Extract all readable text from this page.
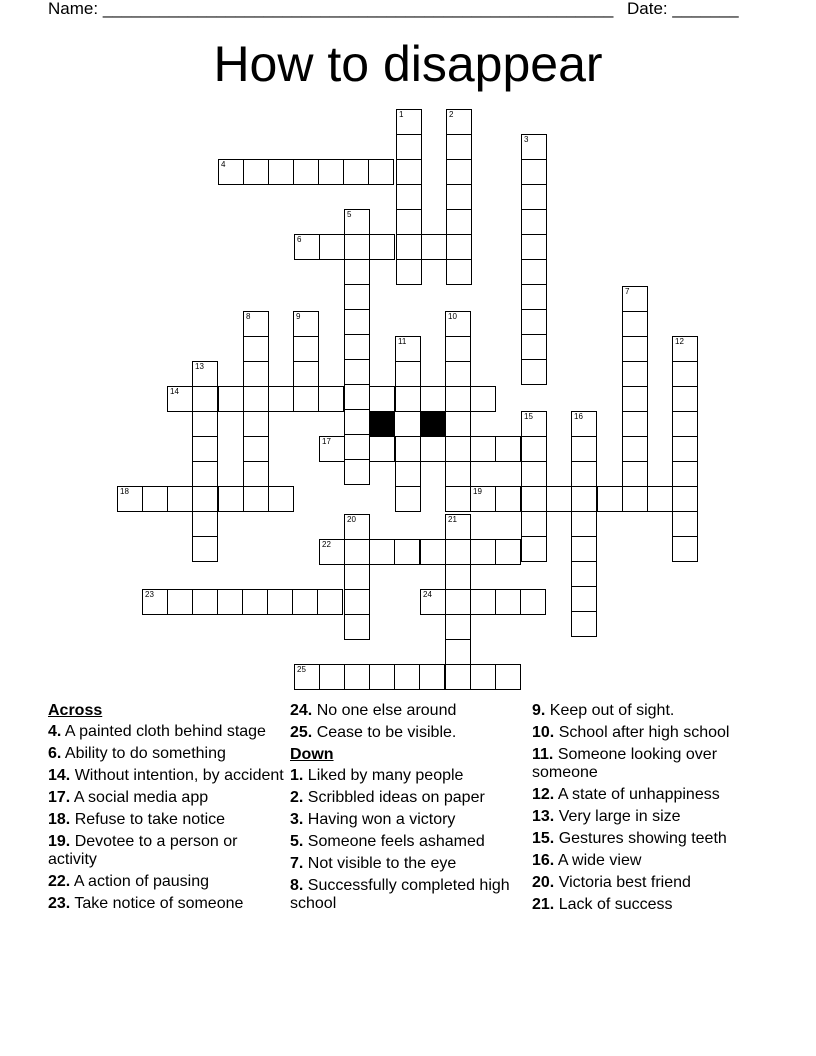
Name: ______________________________________________________ Date: _______
How to disappear
1	2
3
4
5
6
7
8	9	10
11	12
13
14
15	16
17
18	19
20	21
22
23	24
25
Across
4. A painted cloth behind stage
6. Ability to do something
14. Without intention, by accident
17. A social media app
18. Refuse to take notice
19. Devotee to a person or activity
22. A action of pausing
23. Take notice of someone
24. No one else around
25. Cease to be visible.
Down
1. Liked by many people
2. Scribbled ideas on paper
3. Having won a victory
5. Someone feels ashamed
7. Not visible to the eye
8. Successfully completed high school
9. Keep out of sight.
10. School after high school
11. Someone looking over someone
12. A state of unhappiness
13. Very large in size
15. Gestures showing teeth
16. A wide view
20. Victoria best friend
21. Lack of success
